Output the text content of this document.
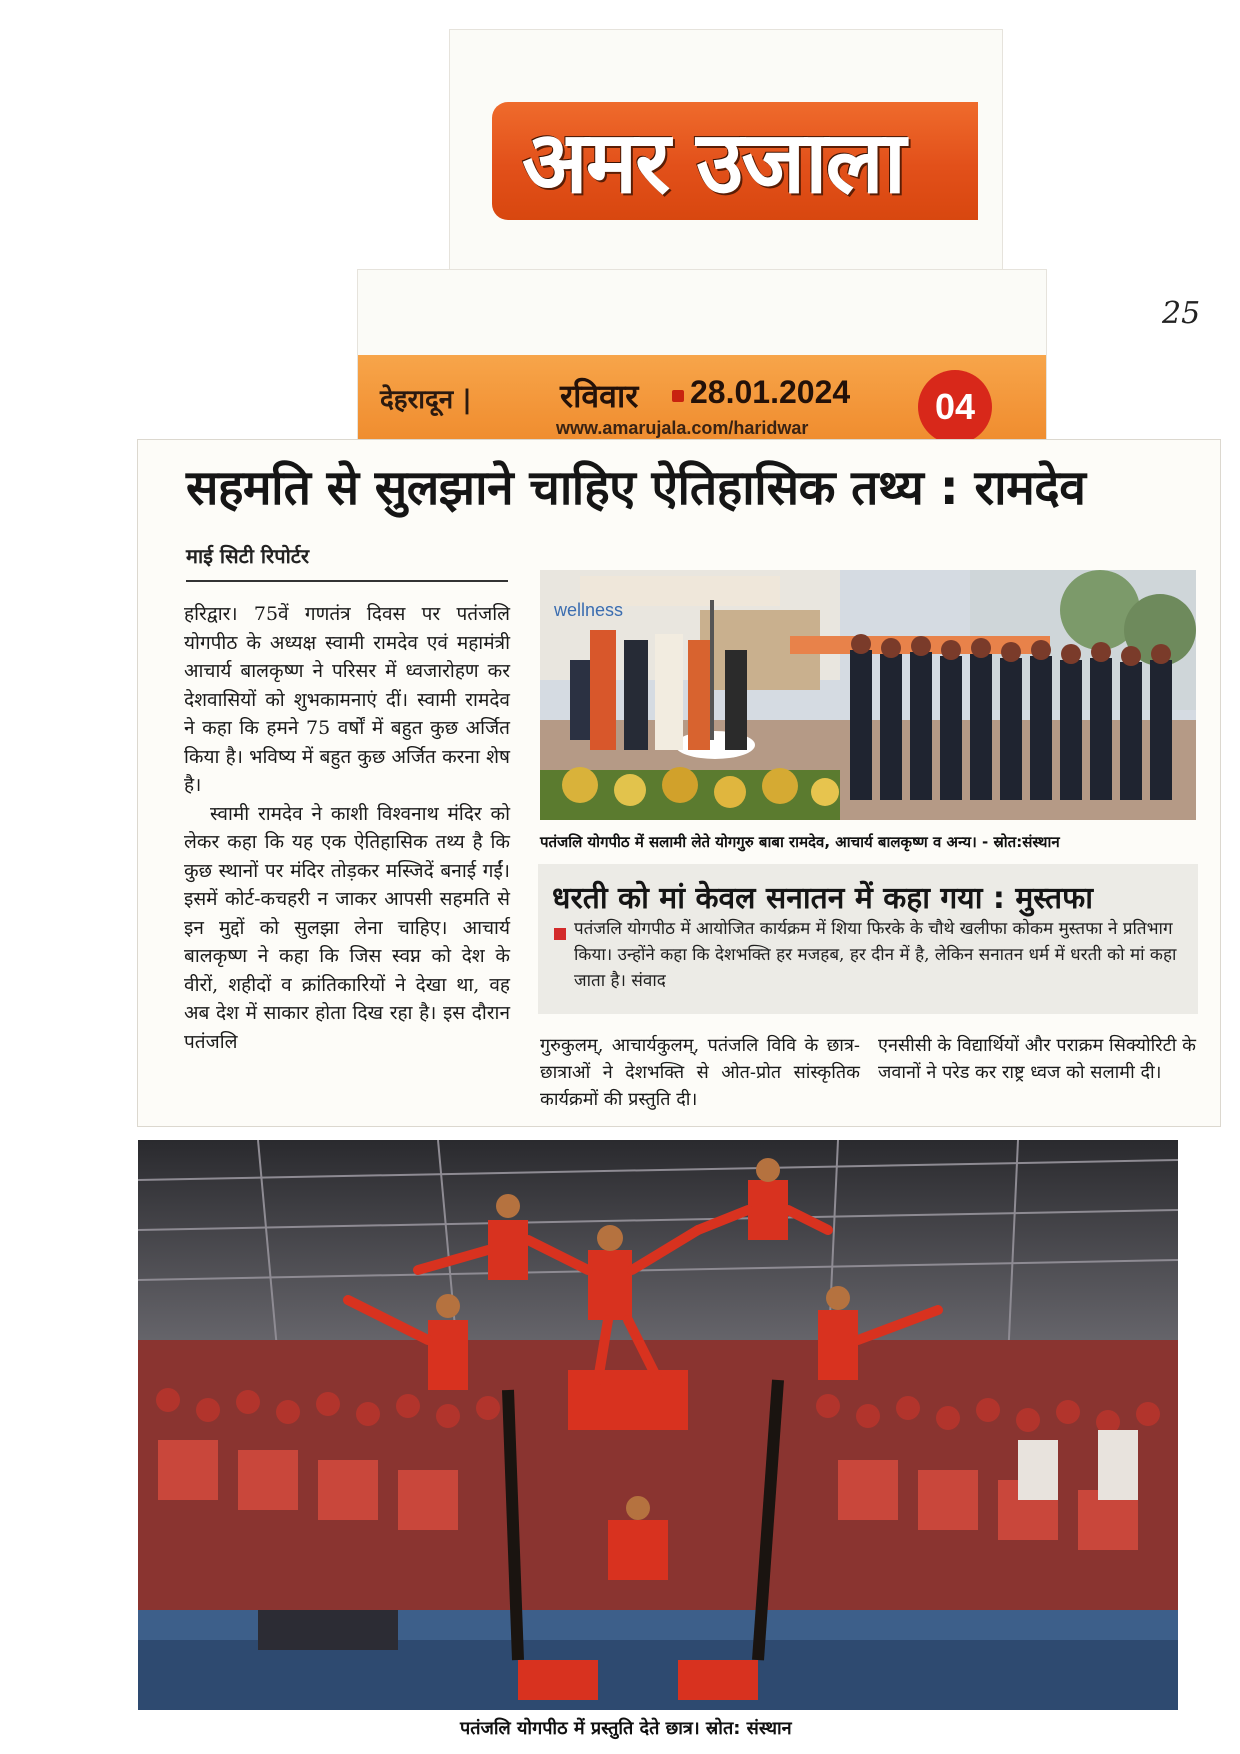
अमर उजाला
देहरादून |	रविवार 28.01.2024
www.amarujala.com/haridwar
04
25
सहमति से सुलझाने चाहिए ऐतिहासिक तथ्य : रामदेव
माई सिटी रिपोर्टर

हरिद्वार। 75वें गणतंत्र दिवस पर पतंजलि योगपीठ के अध्यक्ष स्वामी रामदेव एवं महामंत्री आचार्य बालकृष्ण ने परिसर में ध्वजारोहण कर देशवासियों को शुभकामनाएं दीं। स्वामी रामदेव ने कहा कि हमने 75 वर्षों में बहुत कुछ अर्जित किया है। भविष्य में बहुत कुछ अर्जित करना शेष है।

स्वामी रामदेव ने काशी विश्वनाथ मंदिर को लेकर कहा कि यह एक ऐतिहासिक तथ्य है कि कुछ स्थानों पर मंदिर तोड़कर मस्जिदें बनाई गईं। इसमें कोर्ट-कचहरी न जाकर आपसी सहमति से इन मुद्दों को सुलझा लेना चाहिए। आचार्य बालकृष्ण ने कहा कि जिस स्वप्न को देश के वीरों, शहीदों व क्रांतिकारियों ने देखा था, वह अब देश में साकार होता दिख रहा है। इस दौरान पतंजलि

wellness
पतंजलि योगपीठ में सलामी लेते योगगुरु बाबा रामदेव, आचार्य बालकृष्ण व अन्य। - स्रोत:संस्थान
धरती को मां केवल सनातन में कहा गया : मुस्तफा
पतंजलि योगपीठ में आयोजित कार्यक्रम में शिया फिरके के चौथे खलीफा कोकम मुस्तफा ने प्रतिभाग किया। उन्होंने कहा कि देशभक्ति हर मजहब, हर दीन में है, लेकिन सनातन धर्म में धरती को मां कहा जाता है। संवाद
गुरुकुलम्, आचार्यकुलम्, पतंजलि विवि के छात्र-छात्राओं ने देशभक्ति से ओत-प्रोत सांस्कृतिक कार्यक्रमों की प्रस्तुति दी।
एनसीसी के विद्यार्थियों और पराक्रम सिक्योरिटी के जवानों ने परेड कर राष्ट्र ध्वज को सलामी दी।
पतंजलि योगपीठ में प्रस्तुति देते छात्र। स्रोत: संस्थान
